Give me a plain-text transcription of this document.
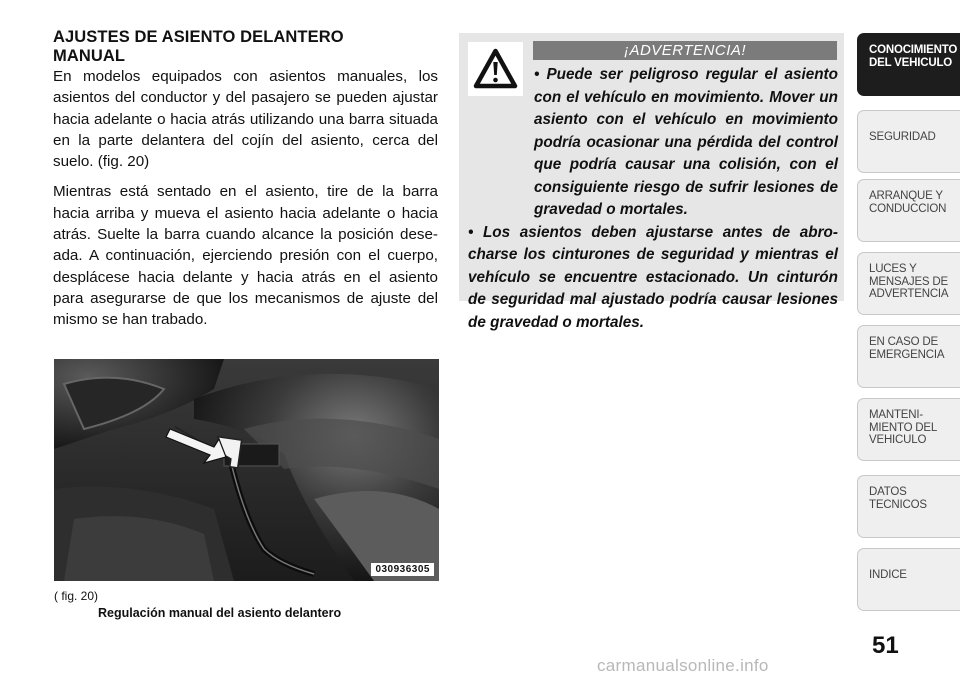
AJUSTES DE ASIENTO DELANTERO
MANUAL

En modelos equipados con asientos manuales, los asientos del conductor y del pasajero se pueden ajustar hacia adelante o hacia atrás utilizando una barra situada en la parte delantera del cojín del asiento, cerca del suelo. (fig. 20)

Mientras está sentado en el asiento, tire de la barra hacia arriba y mueva el asiento hacia adelante o hacia atrás. Suelte la barra cuando alcance la posición dese- ada. A continuación, ejerciendo presión con el cuerpo, desplácese hacia delante y hacia atrás en el asiento para asegurarse de que los mecanismos de ajuste del mismo se han trabado.

¡ADVERTENCIA!

• Puede ser peligroso regular el asiento con el vehículo en movimiento. Mover un asiento con el vehículo en movimiento podría ocasionar una pérdida del control que podría causar una colisión, con el consiguiente riesgo de sufrir lesiones de gravedad o mortales.

• Los asientos deben ajustarse antes de abro- charse los cinturones de seguridad y mientras el vehículo se encuentre estacionado. Un cinturón de seguridad mal ajustado podría causar lesiones de gravedad o mortales.

030936305
( fig. 20)
Regulación manual del asiento delantero
CONOCIMIENTO
DEL VEHICULO
SEGURIDAD
ARRANQUE Y
CONDUCCION
LUCES Y
MENSAJES DE
ADVERTENCIA
EN CASO DE
EMERGENCIA
MANTENI-
MIENTO DEL
VEHICULO
DATOS
TECNICOS
INDICE
51
carmanualsonline.info
